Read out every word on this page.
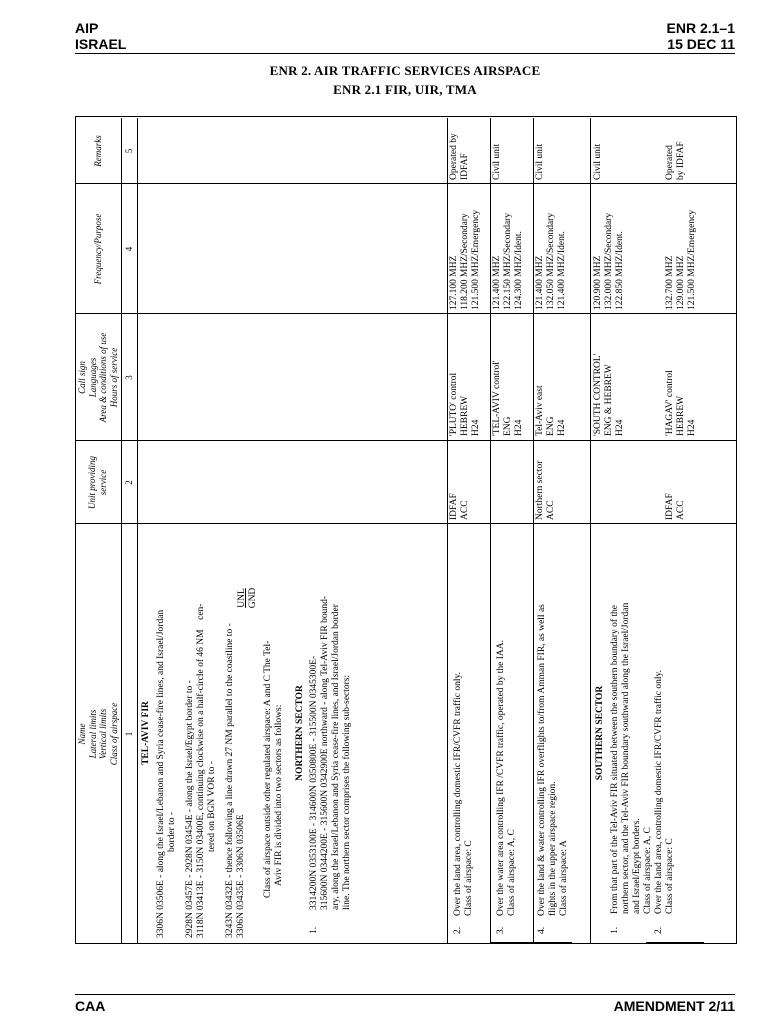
AIP
ISRAEL
ENR 2.1–1
15 DEC 11
ENR 2. AIR TRAFFIC SERVICES AIRSPACE
ENR 2.1 FIR, UIR, TMA
Name Lateral limits Vertical limits Class of airspace
Unit providing service
Call sign Languages Area & conditions of use Hours of service
Frequency/Purpose
Remarks
1
2
3
4
5
TEL-AVIV FIR 3306N 03506E - along the Israel/Lebanon and Syria cease-fire lines, and Israel/Jordan border to - 2928N 03457E - 2928N 03454E - along the Israel/Egypt border to - 3118N 03413E - 3150N 03400E, continuing clockwise on a half-circle of 46 NM    cen- tered on BGN VOR to - 3243N 03432E - thence following a line drawn 27 NM parallel to the coastline to - 3306N 03435E - 3306N 03506E
UNL GND
Class of airspace outside other regulated airspace: A and C The Tel- Aviv FIR is divided into two sectors as follows: NORTHERN SECTOR
1.
3314200N 0353100E - 314600N 0350800E - 315500N 0345300E- 315600N 0344200E - 315600N 0342900E northward - along Tel-Aviv FIR bound- ary, along the Israel/Lebanon and Syria cease-fire lines, and Israel/Jordan border line. The northern sector comprises the following sub-sectors:
2.
Over the land area, controlling domestic IFR/CVFR traffic only. Class of airspace: C
3.
Over the water area controlling IFR /CVFR traffic, operated by the IAA. Class of airspace: A, C
4.
Over the land & water controlling IFR overflights to/from Amman FIR, as well as flights in the upper airspace region. Class of airspace: A
SOUTHERN SECTOR
1.
From that part of the Tel-Aviv FIR situated between the southern boundary of the northern sector, and the Tel-Aviv FIR boundary southward along the Israel/Jordan and Israel/Egypt borders. Class of airspace: A, C
2.
Over the land area, controlling domestic IFR/CVFR traffic only. Class of airspace: C
IDFAF ACC
'PLUTO' control HEBREW H24
127.100 MHZ 118.200 MHZ/Secondary 121.500 MHZ/Emergency
Operated by IDFAF
'TEL-AVIV control' ENG H24
121.400 MHZ 122.150 MHZ/Secondary 124.300 MHZ/Ident.
Civil unit
Northern sector ACC
Tel-Aviv east ENG H24
121.400 MHZ 132.050 MHZ/Secondary 121.400 MHZ/Ident.
Civil unit
'SOUTH CONTROL' ENG & HEBREW H24
120.900 MHZ 132.000 MHZ/Secondary 122.850 MHZ/Ident.
Civil unit
IDFAF ACC
'HAGAV' control HEBREW H24
132.700 MHZ 129.000 MHZ 121.500 MHZ/Emergency
Operated by IDFAF
CAA	AMENDMENT 2/11
